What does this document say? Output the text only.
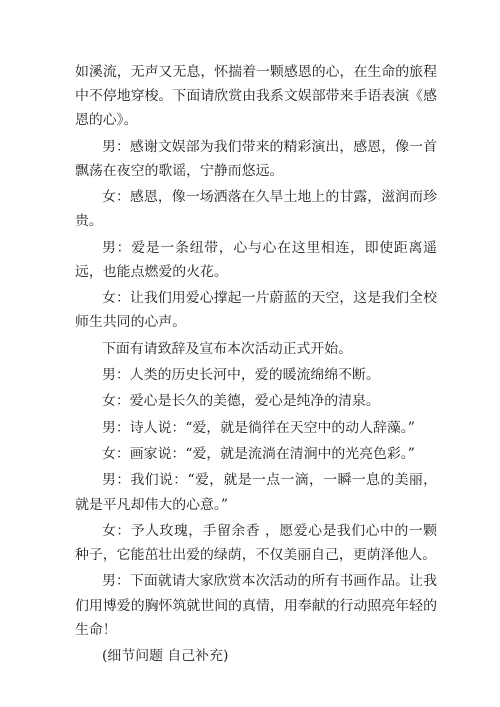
如溪流，无声又无息，怀揣着一颗感恩的心，在生命的旅程中不停地穿梭。下面请欣赏由我系文娱部带来手语表演《感恩的心》。

男：感谢文娱部为我们带来的精彩演出，感恩，像一首飘荡在夜空的歌谣，宁静而悠远。

女：感恩，像一场洒落在久旱土地上的甘露，滋润而珍贵。

男：爱是一条纽带，心与心在这里相连，即使距离遥远，也能点燃爱的火花。

女：让我们用爱心撑起一片蔚蓝的天空，这是我们全校师生共同的心声。

下面有请致辞及宣布本次活动正式开始。

男：人类的历史长河中，爱的暖流绵绵不断。

女：爱心是长久的美德，爱心是纯净的清泉。

男：诗人说：“爱，就是徜徉在天空中的动人辞藻。”

女：画家说：“爱，就是流淌在清涧中的光亮色彩。”

男：我们说：“爱，就是一点一滴，一瞬一息的美丽，就是平凡却伟大的心意。”

女：予人玫瑰，手留余香 ，愿爱心是我们心中的一颗种子，它能茁壮出爱的绿荫，不仅美丽自己，更荫泽他人。

男：下面就请大家欣赏本次活动的所有书画作品。让我们用博爱的胸怀筑就世间的真情，用奉献的行动照亮年轻的生命！

(细节问题 自己补充)
